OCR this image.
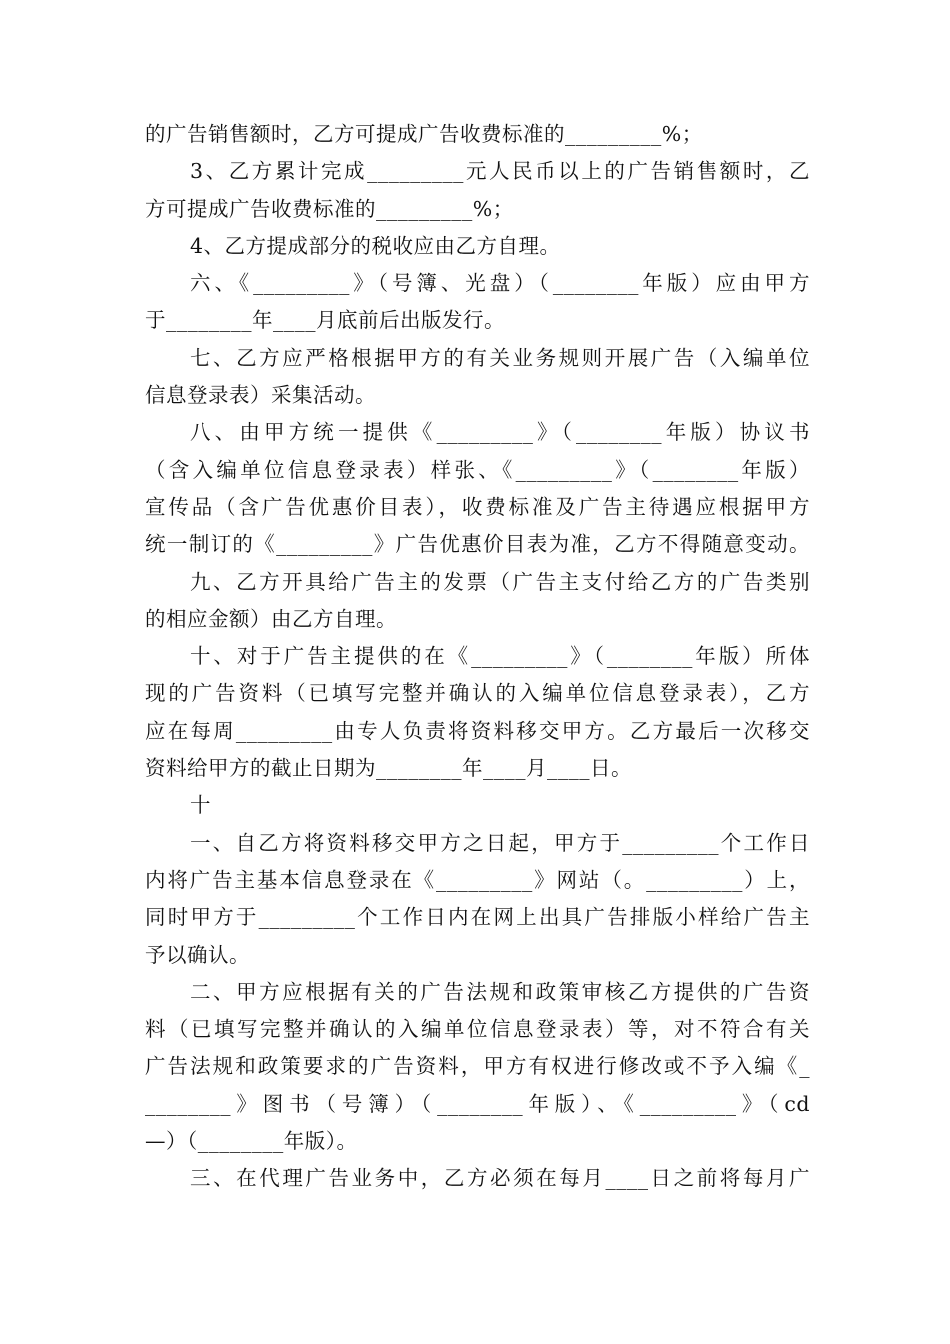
的广告销售额时，乙方可提成广告收费标准的_________%；
3、乙方累计完成_________元人民币以上的广告销售额时，乙
方可提成广告收费标准的_________%；
4、乙方提成部分的税收应由乙方自理。
六、《_________》（号簿、光盘）（________年版）应由甲方
于________年____月底前后出版发行。
七、乙方应严格根据甲方的有关业务规则开展广告（入编单位
信息登录表）采集活动。
八、由甲方统一提供《_________》（________年版）协议书
（含入编单位信息登录表）样张、《_________》（________年版）
宣传品（含广告优惠价目表），收费标准及广告主待遇应根据甲方
统一制订的《_________》广告优惠价目表为准，乙方不得随意变动。
九、乙方开具给广告主的发票（广告主支付给乙方的广告类别
的相应金额）由乙方自理。
十、对于广告主提供的在《_________》（________年版）所体
现的广告资料（已填写完整并确认的入编单位信息登录表），乙方
应在每周_________由专人负责将资料移交甲方。乙方最后一次移交
资料给甲方的截止日期为________年____月____日。
十
一、自乙方将资料移交甲方之日起，甲方于_________个工作日
内将广告主基本信息登录在《_________》网站（。_________）上，
同时甲方于_________个工作日内在网上出具广告排版小样给广告主
予以确认。
二、甲方应根据有关的广告法规和政策审核乙方提供的广告资
料（已填写完整并确认的入编单位信息登录表）等，对不符合有关
广告法规和政策要求的广告资料，甲方有权进行修改或不予入编《_
________》图书（号簿）（________年版）、《_________》（cd
—）（________年版）。
三、在代理广告业务中，乙方必须在每月____日之前将每月广
